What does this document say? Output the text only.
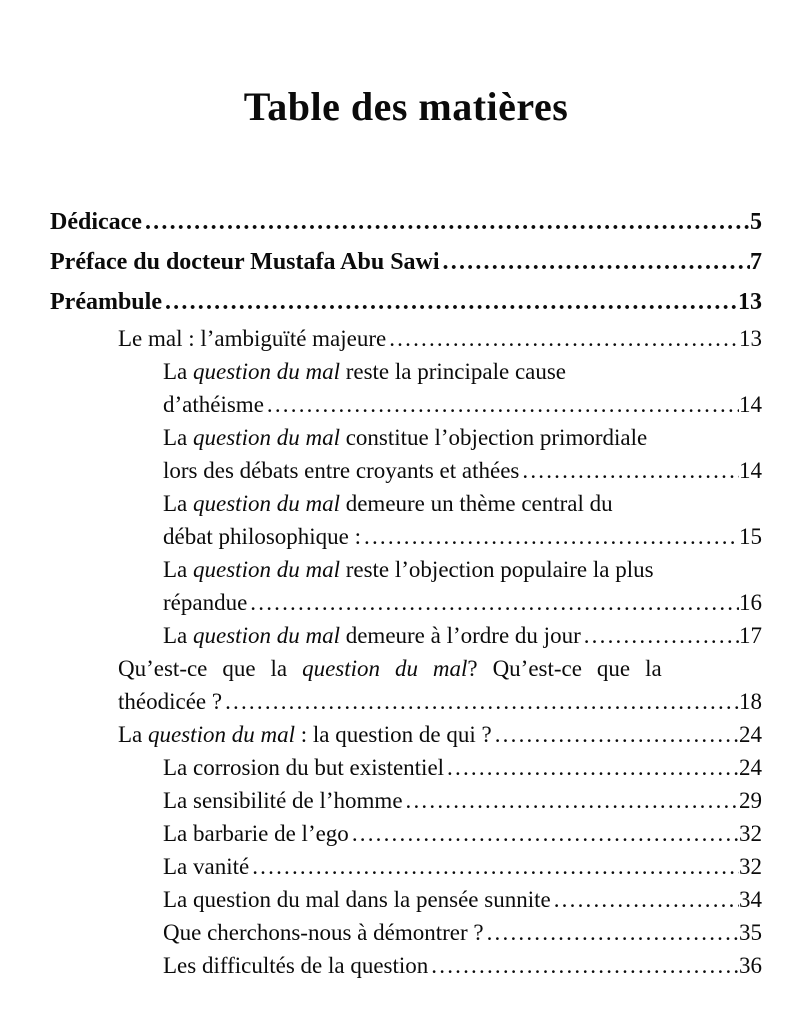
Table des matières
Dédicace .....	5
Préface du docteur Mustafa Abu Sawi .....	7
Préambule .....	13
Le mal : l’ambiguïté majeure .....	13
La question du mal reste la principale cause
d’athéisme .....	14
La question du mal constitue l’objection primordiale
lors des débats entre croyants et athées .....	14
La question du mal demeure un thème central du
débat philosophique : .....	15
La question du mal reste l’objection populaire la plus
répandue .....	16
La question du mal demeure à l’ordre du jour .....	17
Qu’est-ce que la question du mal? Qu’est-ce que la
théodicée ? .....	18
La question du mal : la question de qui ? .....	24
La corrosion du but existentiel .....	24
La sensibilité de l’homme .....	29
La barbarie de l’ego .....	32
La vanité .....	32
La question du mal dans la pensée sunnite .....	34
Que cherchons-nous à démontrer ? .....	35
Les difficultés de la question .....	36
